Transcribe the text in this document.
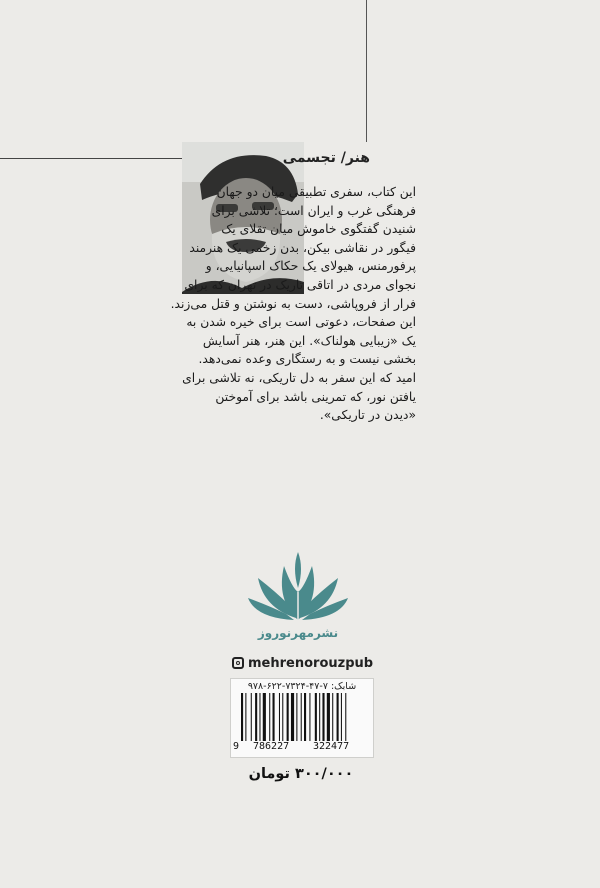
هنر/ تجسمی
این کتاب، سفری تطبیقی میان دو جهان
فرهنگی غرب و ایران است؛ تلاشی برای
شنیدن گفتگوی خاموش میان تقلای یک
فیگور در نقاشی بیکن، بدن زخمی یک هنرمند
پرفورمنس، هیولای یک حکاک اسپانیایی، و
نجوای مردی در اتاقی تاریک در تهران که برای
فرار از فروپاشی، دست به نوشتن و قتل می‌زند.
این صفحات، دعوتی است برای خیره شدن به
یک «زیبایی هولناک». این هنر، هنر آسایش
بخشی نیست و به رستگاری وعده نمی‌دهد.
امید که این سفر به دل تاریکی، نه تلاشی برای
یافتن نور، که تمرینی باشد برای آموختن
«دیدن در تاریکی».
نشرمهرنوروز
mehrenorouzpub
شابک: ۷-۴۷-۷۳۲۴-۶۲۲-۹۷۸
9 786227 322477
۳۰۰/۰۰۰ تومان
